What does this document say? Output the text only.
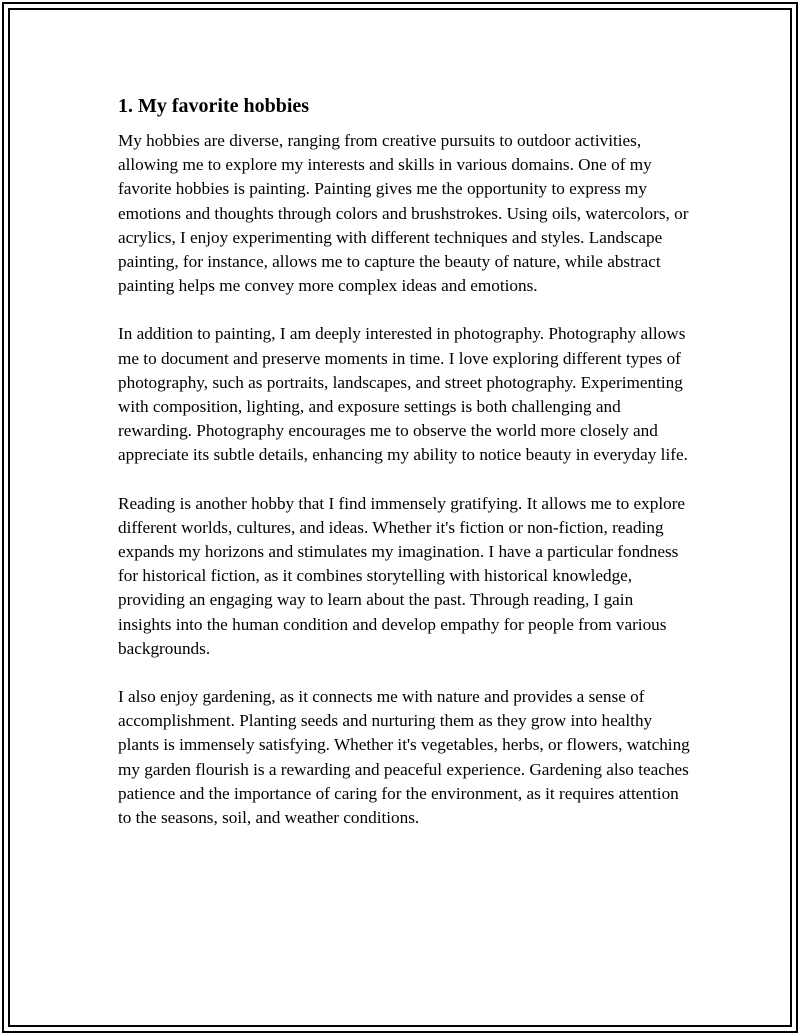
1. My favorite hobbies

My hobbies are diverse, ranging from creative pursuits to outdoor activities, allowing me to explore my interests and skills in various domains. One of my favorite hobbies is painting. Painting gives me the opportunity to express my emotions and thoughts through colors and brushstrokes. Using oils, watercolors, or acrylics, I enjoy experimenting with different techniques and styles. Landscape painting, for instance, allows me to capture the beauty of nature, while abstract painting helps me convey more complex ideas and emotions.

In addition to painting, I am deeply interested in photography. Photography allows me to document and preserve moments in time. I love exploring different types of photography, such as portraits, landscapes, and street photography. Experimenting with composition, lighting, and exposure settings is both challenging and rewarding. Photography encourages me to observe the world more closely and appreciate its subtle details, enhancing my ability to notice beauty in everyday life.

Reading is another hobby that I find immensely gratifying. It allows me to explore different worlds, cultures, and ideas. Whether it's fiction or non-fiction, reading expands my horizons and stimulates my imagination. I have a particular fondness for historical fiction, as it combines storytelling with historical knowledge, providing an engaging way to learn about the past. Through reading, I gain insights into the human condition and develop empathy for people from various backgrounds.

I also enjoy gardening, as it connects me with nature and provides a sense of accomplishment. Planting seeds and nurturing them as they grow into healthy plants is immensely satisfying. Whether it's vegetables, herbs, or flowers, watching my garden flourish is a rewarding and peaceful experience. Gardening also teaches patience and the importance of caring for the environment, as it requires attention to the seasons, soil, and weather conditions.
